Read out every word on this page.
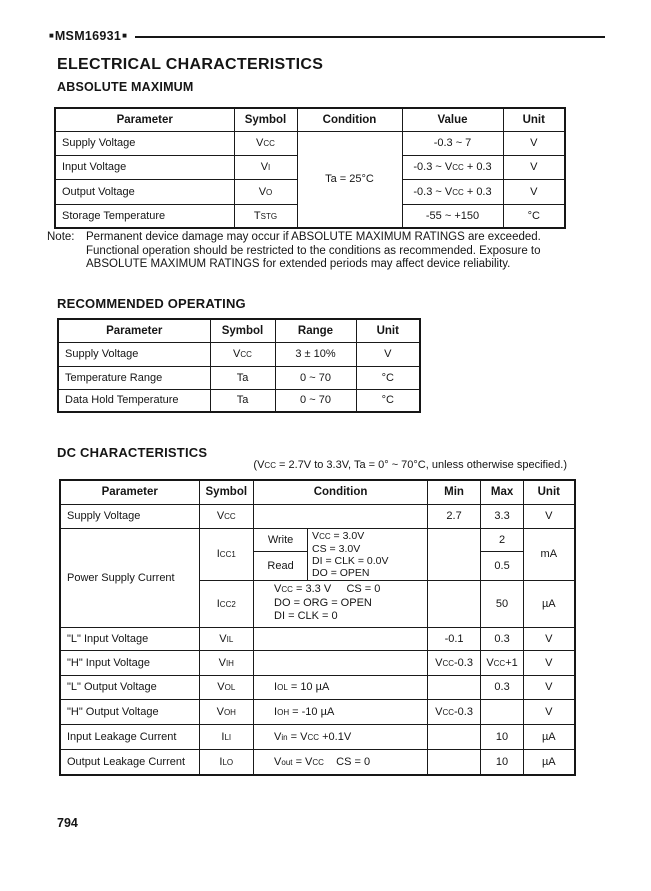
■ MSM16931 ■
ELECTRICAL CHARACTERISTICS
ABSOLUTE MAXIMUM
Parameter	Symbol	Condition	Value	Unit
Supply Voltage	VCC	Ta = 25°C	-0.3 ~ 7	V
Input Voltage	VI		-0.3 ~ VCC + 0.3	V
Output Voltage	VO		-0.3 ~ VCC + 0.3	V
Storage Temperature	TSTG		-55 ~ +150	°C
Note:	Permanent device damage may occur if ABSOLUTE MAXIMUM RATINGS are exceeded.
Functional operation should be restricted to the conditions as recommended. Exposure to
ABSOLUTE MAXIMUM RATINGS for extended periods may affect device reliability.
RECOMMENDED OPERATING
Parameter	Symbol	Range	Unit
Supply Voltage	VCC	3 ± 10%	V
Temperature Range	Ta	0 ~ 70	°C
Data Hold Temperature	Ta	0 ~ 70	°C
DC CHARACTERISTICS
(VCC = 2.7V to 3.3V, Ta = 0° ~ 70°C, unless otherwise specified.)
Parameter	Symbol	Condition		Min	Max	Unit
Supply Voltage	VCC			2.7	3.3	V
Power Supply Current	ICC1	Write	VCC = 3.0V
CS = 3.0V
DI = CLK = 0.0V
DO = OPEN		2	mA
		Read			0.5	
	ICC2	VCC = 3.3 V     CS = 0
DO = ORG = OPEN
DI = CLK = 0			50	µA
"L" Input Voltage	VIL			-0.1	0.3	V
"H" Input Voltage	VIH			VCC-0.3	VCC+1	V
"L" Output Voltage	VOL	IOL = 10 µA			0.3	V
"H" Output Voltage	VOH	IOH = -10 µA		VCC-0.3		V
Input Leakage Current	ILI	Vin = VCC +0.1V			10	µA
Output Leakage Current	ILO	Vout = VCC    CS = 0			10	µA
794
